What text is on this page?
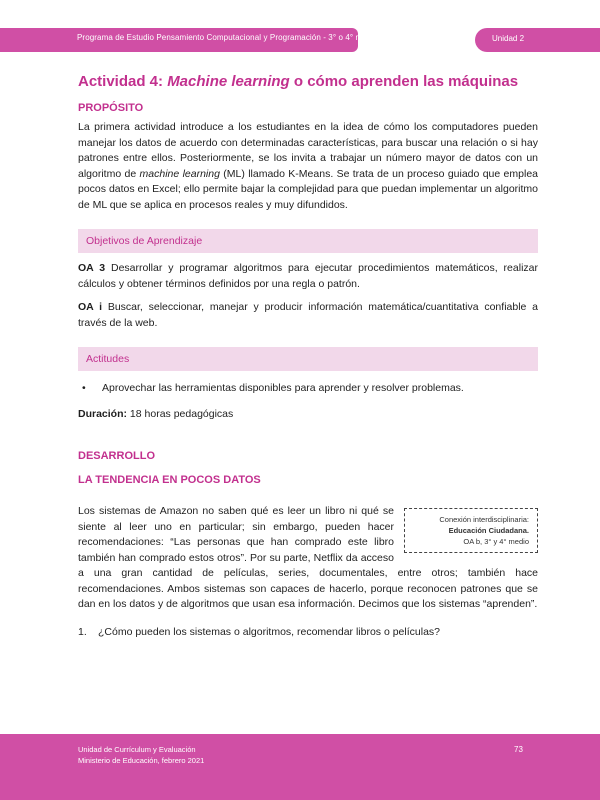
Programa de Estudio Pensamiento Computacional y Programación - 3° o 4° medio	Unidad 2
Actividad 4: Machine learning o cómo aprenden las máquinas
PROPÓSITO

La primera actividad introduce a los estudiantes en la idea de cómo los computadores pueden manejar los datos de acuerdo con determinadas características, para buscar una relación o si hay patrones entre ellos. Posteriormente, se los invita a trabajar un número mayor de datos con un algoritmo de machine learning (ML) llamado K-Means. Se trata de un proceso guiado que emplea pocos datos en Excel; ello permite bajar la complejidad para que puedan implementar un algoritmo de ML que se aplica en procesos reales y muy difundidos.

Objetivos de Aprendizaje

OA 3 Desarrollar y programar algoritmos para ejecutar procedimientos matemáticos, realizar cálculos y obtener términos definidos por una regla o patrón.

OA i Buscar, seleccionar, manejar y producir información matemática/cuantitativa confiable a través de la web.

Actitudes
•	Aprovechar las herramientas disponibles para aprender y resolver problemas.

Duración: 18 horas pedagógicas

DESARROLLO
LA TENDENCIA EN POCOS DATOS
Conexión interdisciplinaria:
Educación Ciudadana.
OA b, 3° y 4° medio
Los sistemas de Amazon no saben qué es leer un libro ni qué se siente al leer uno en particular; sin embargo, pueden hacer recomendaciones: “Las personas que han comprado este libro también han comprado estos otros”. Por su parte, Netflix da acceso a una gran cantidad de películas, series, documentales, entre otros; también hace recomendaciones. Ambos sistemas son capaces de hacerlo, porque reconocen patrones que se dan en los datos y de algoritmos que usan esa información. Decimos que los sistemas “aprenden”.
1.	¿Cómo pueden los sistemas o algoritmos, recomendar libros o películas?
Unidad de Currículum y Evaluación
Ministerio de Educación, febrero 2021
73
